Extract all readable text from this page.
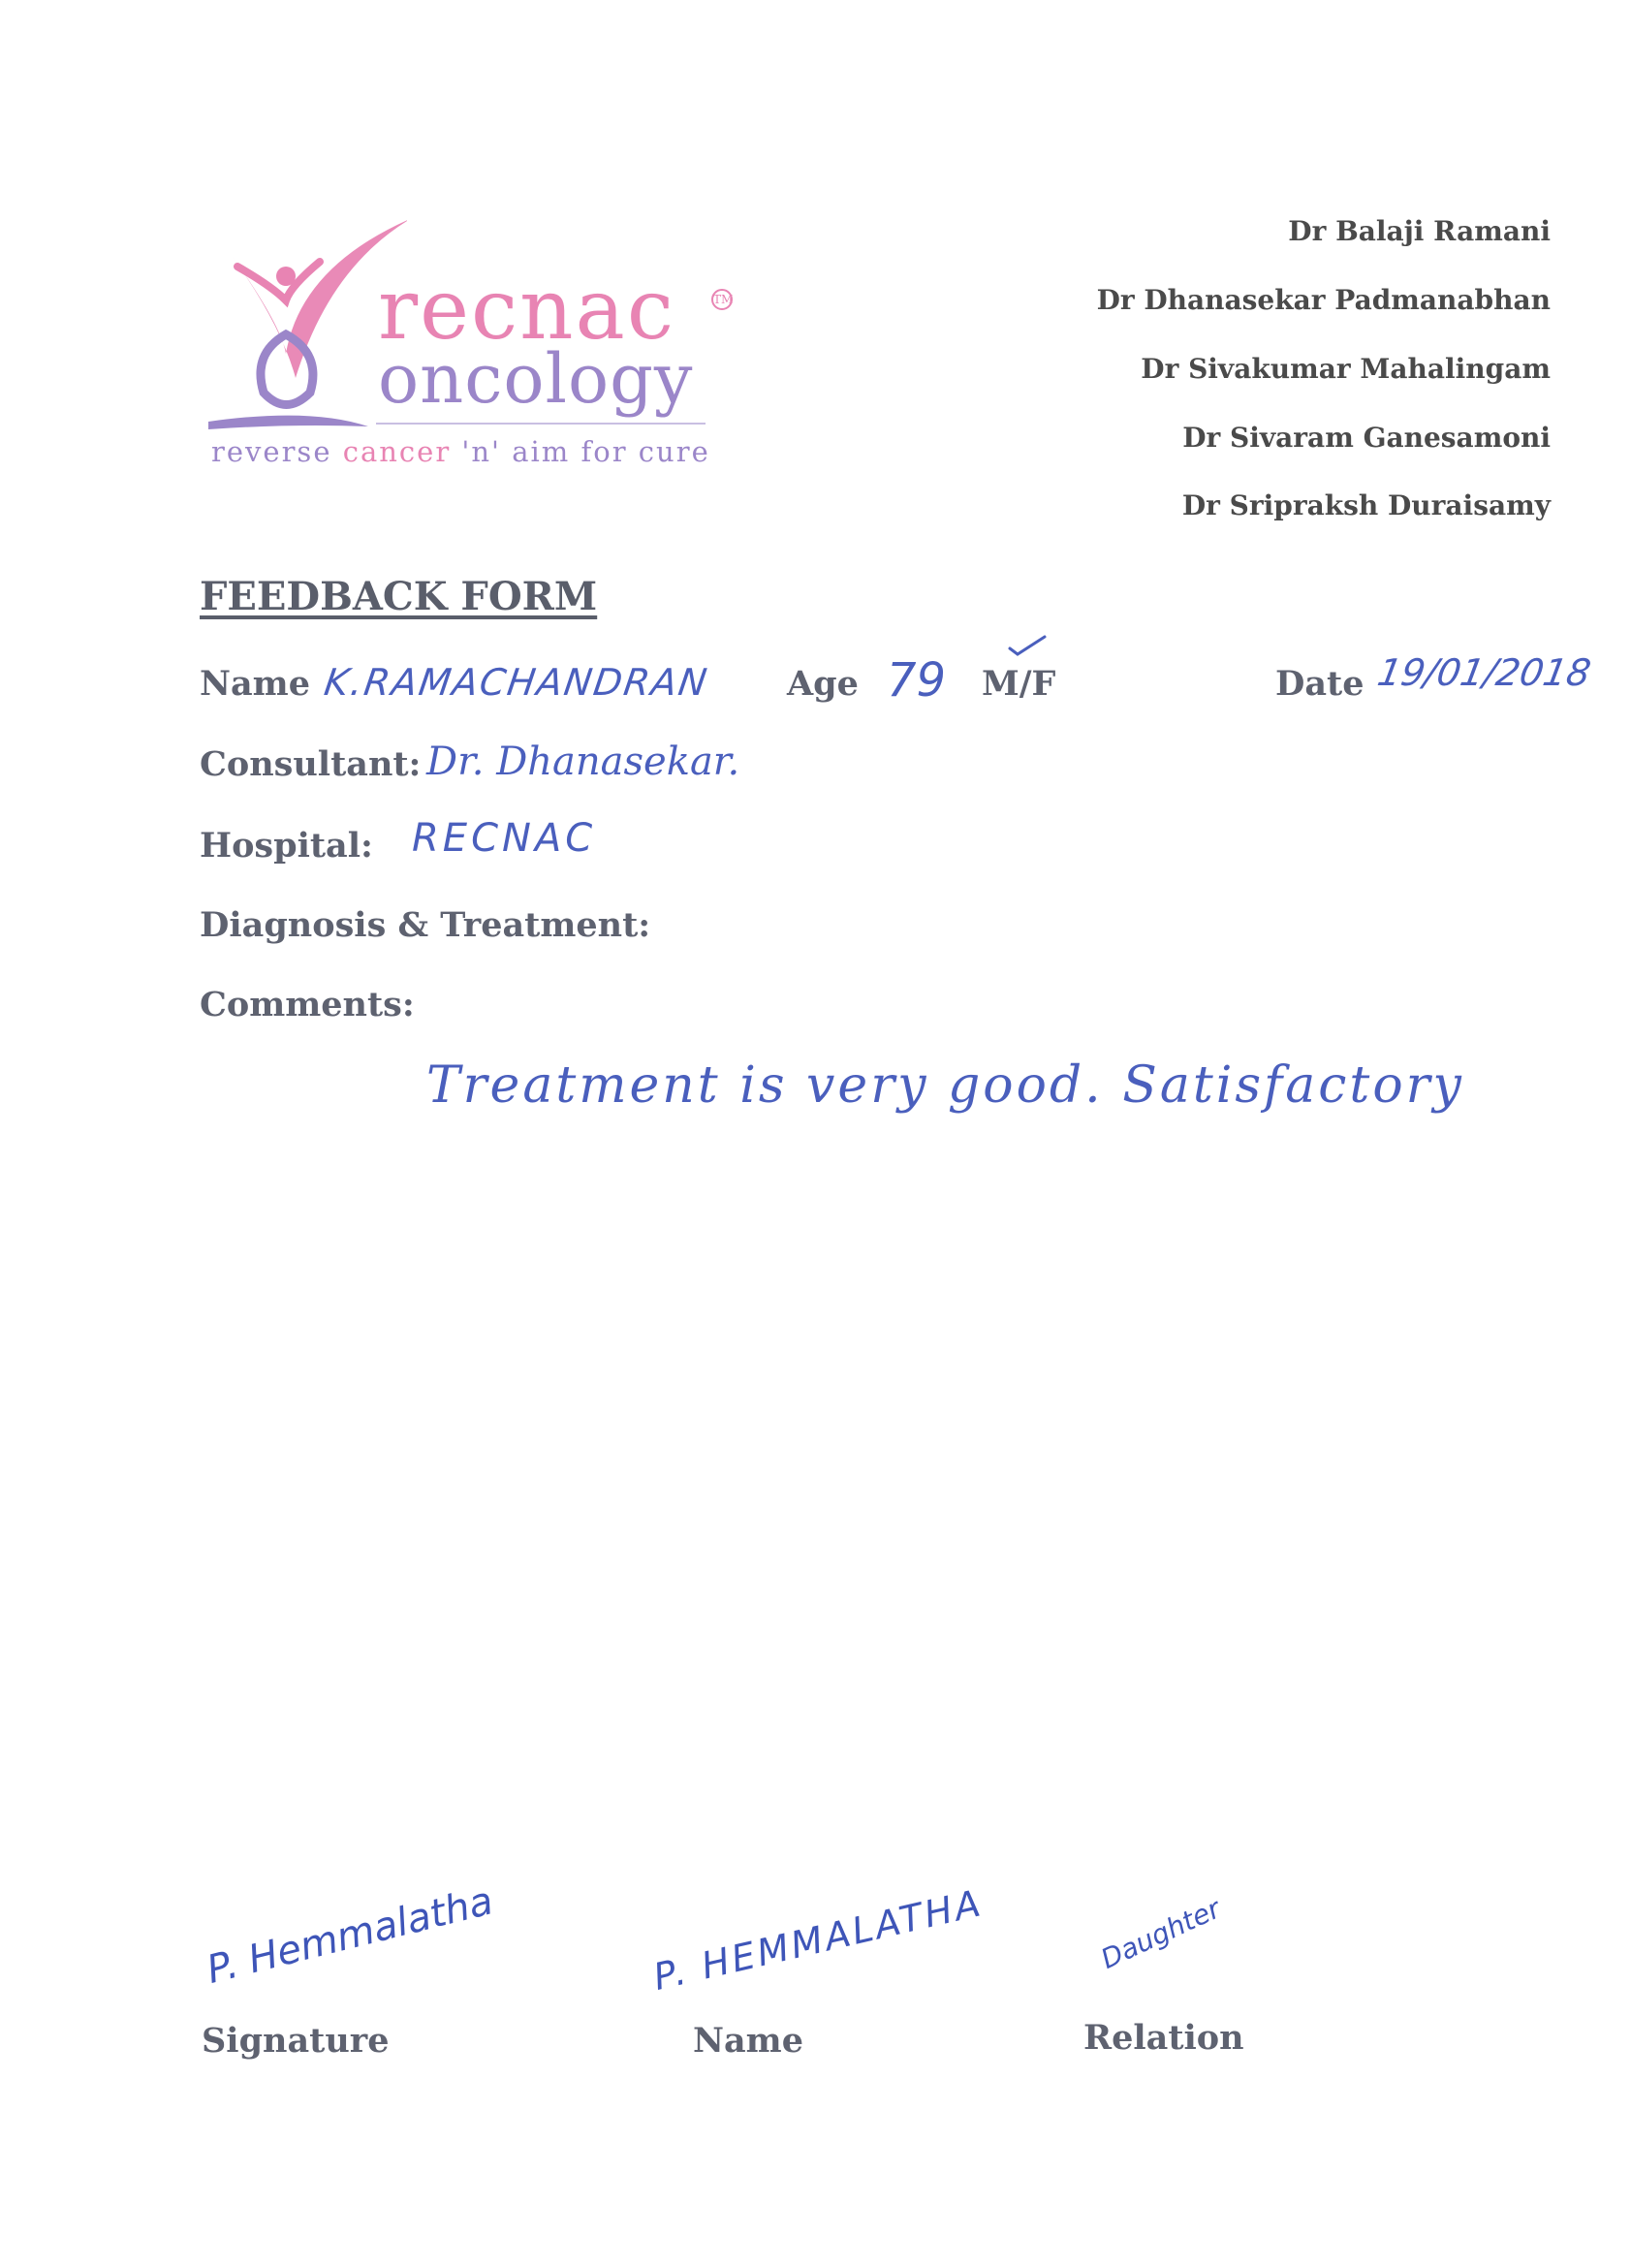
recnac	TM
oncology
reverse cancer 'n' aim for cure
Dr Balaji Ramani
Dr Dhanasekar Padmanabhan
Dr Sivakumar Mahalingam
Dr Sivaram Ganesamoni
Dr Sripraksh Duraisamy
FEEDBACK FORM
Name K.RAMACHANDRAN Age 79 M/F	Date 19/01/2018
Consultant: Dr. Dhanasekar.
Hospital: RECNAC
Diagnosis & Treatment:
Comments:
Treatment is very good. Satisfactory
P. Hemmalatha
Signature
P. HEMMALATHA
Name
Daughter
Relation
